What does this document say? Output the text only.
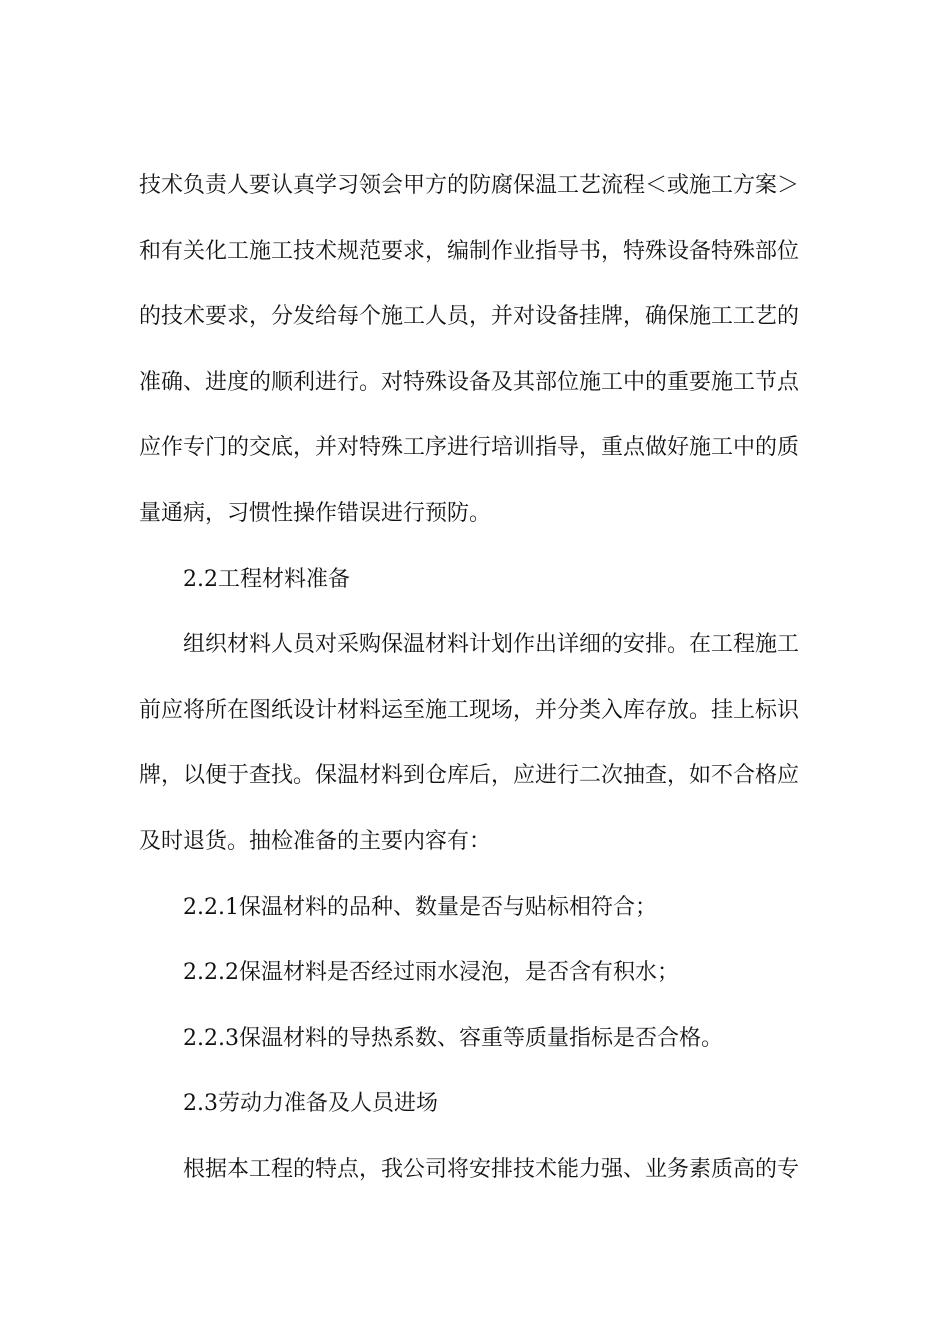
技术负责人要认真学习领会甲方的防腐保温工艺流程＜或施工方案＞
和有关化工施工技术规范要求，编制作业指导书，特殊设备特殊部位
的技术要求，分发给每个施工人员，并对设备挂牌，确保施工工艺的
准确、进度的顺利进行。对特殊设备及其部位施工中的重要施工节点
应作专门的交底，并对特殊工序进行培训指导，重点做好施工中的质
量通病，习惯性操作错误进行预防。
2.2工程材料准备
组织材料人员对采购保温材料计划作出详细的安排。在工程施工
前应将所在图纸设计材料运至施工现场，并分类入库存放。挂上标识
牌，以便于查找。保温材料到仓库后，应进行二次抽查，如不合格应
及时退货。抽检准备的主要内容有：
2.2.1保温材料的品种、数量是否与贴标相符合；
2.2.2保温材料是否经过雨水浸泡，是否含有积水；
2.2.3保温材料的导热系数、容重等质量指标是否合格。
2.3劳动力准备及人员进场
根据本工程的特点，我公司将安排技术能力强、业务素质高的专
